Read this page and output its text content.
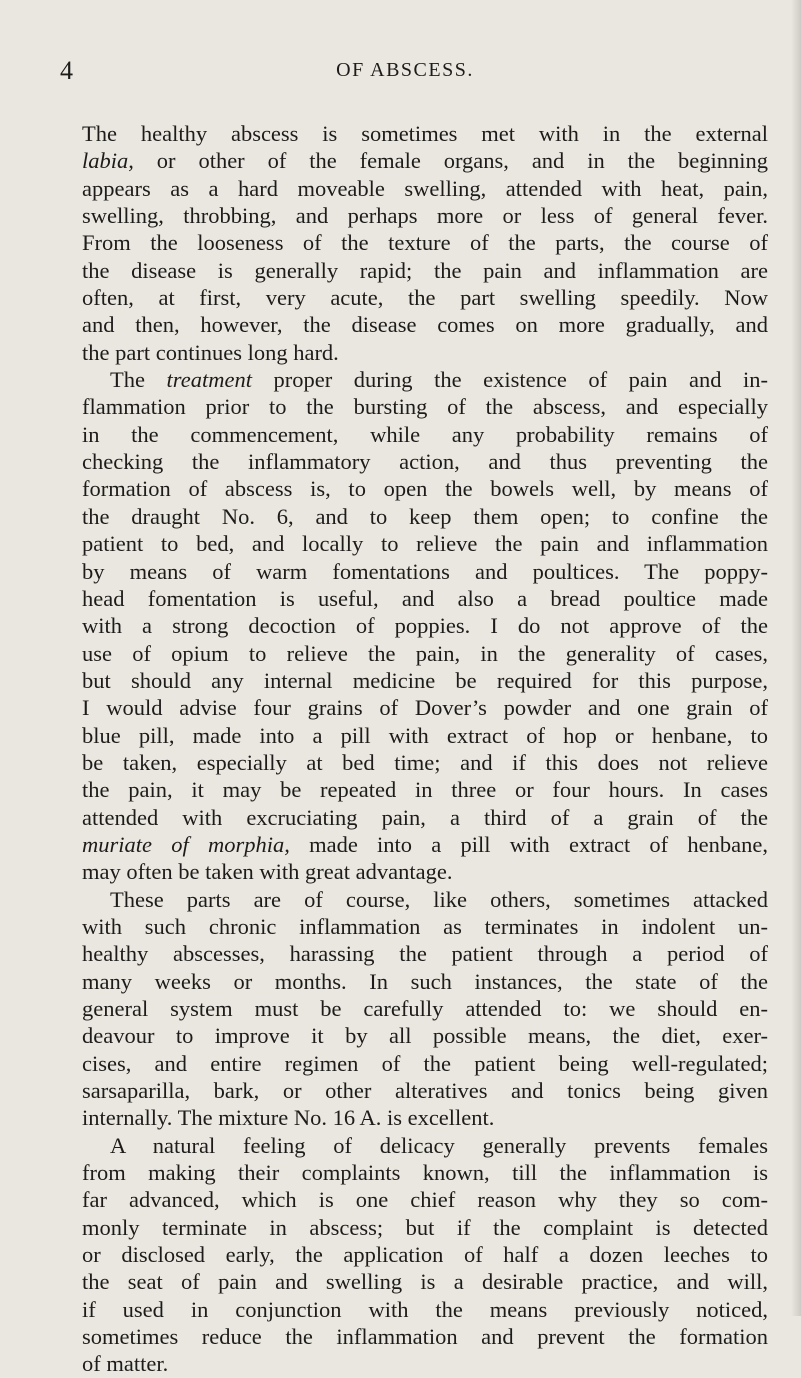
4	OF ABSCESS.
The healthy abscess is sometimes met with in the external
labia, or other of the female organs, and in the beginning
appears as a hard moveable swelling, attended with heat, pain,
swelling, throbbing, and perhaps more or less of general fever.
From the looseness of the texture of the parts, the course of
the disease is generally rapid; the pain and inflammation are
often, at first, very acute, the part swelling speedily. Now
and then, however, the disease comes on more gradually, and
the part continues long hard.
The treatment proper during the existence of pain and in-
flammation prior to the bursting of the abscess, and especially
in the commencement, while any probability remains of
checking the inflammatory action, and thus preventing the
formation of abscess is, to open the bowels well, by means of
the draught No. 6, and to keep them open; to confine the
patient to bed, and locally to relieve the pain and inflammation
by means of warm fomentations and poultices. The poppy-
head fomentation is useful, and also a bread poultice made
with a strong decoction of poppies. I do not approve of the
use of opium to relieve the pain, in the generality of cases,
but should any internal medicine be required for this purpose,
I would advise four grains of Dover’s powder and one grain of
blue pill, made into a pill with extract of hop or henbane, to
be taken, especially at bed time; and if this does not relieve
the pain, it may be repeated in three or four hours. In cases
attended with excruciating pain, a third of a grain of the
muriate of morphia, made into a pill with extract of henbane,
may often be taken with great advantage.
These parts are of course, like others, sometimes attacked
with such chronic inflammation as terminates in indolent un-
healthy abscesses, harassing the patient through a period of
many weeks or months. In such instances, the state of the
general system must be carefully attended to: we should en-
deavour to improve it by all possible means, the diet, exer-
cises, and entire regimen of the patient being well-regulated;
sarsaparilla, bark, or other alteratives and tonics being given
internally. The mixture No. 16 A. is excellent.
A natural feeling of delicacy generally prevents females
from making their complaints known, till the inflammation is
far advanced, which is one chief reason why they so com-
monly terminate in abscess; but if the complaint is detected
or disclosed early, the application of half a dozen leeches to
the seat of pain and swelling is a desirable practice, and will,
if used in conjunction with the means previously noticed,
sometimes reduce the inflammation and prevent the formation
of matter.
